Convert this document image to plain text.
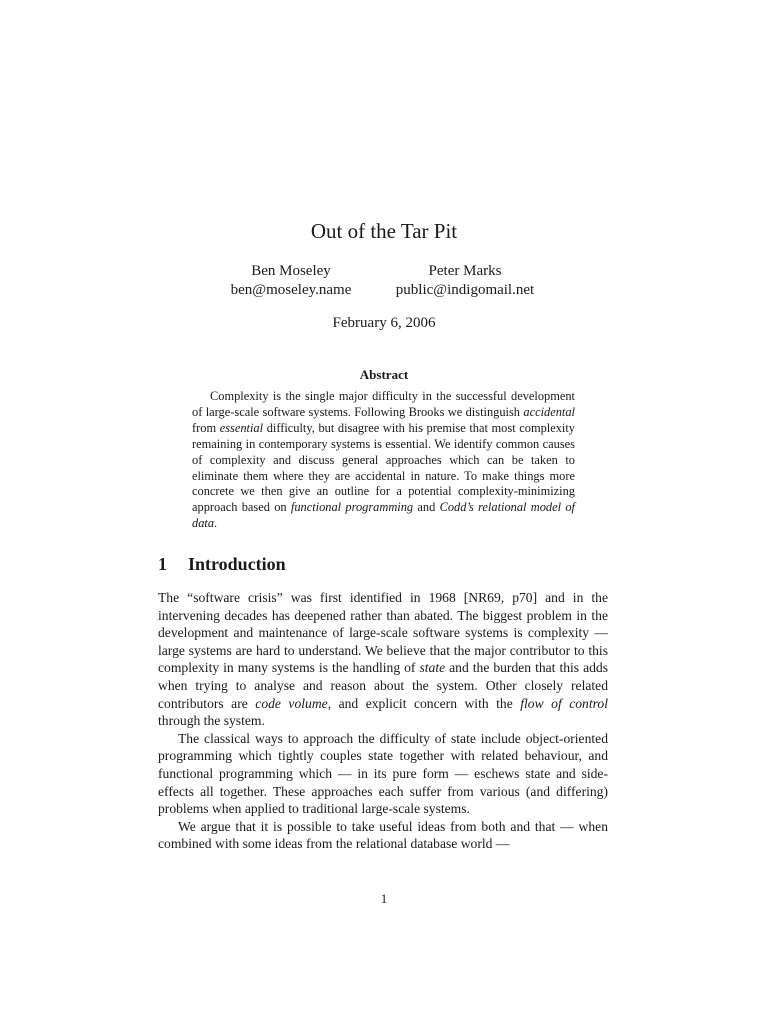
Out of the Tar Pit
Ben Moseley
ben@moseley.name
Peter Marks
public@indigomail.net
February 6, 2006
Abstract
Complexity is the single major difficulty in the successful development of large-scale software systems. Following Brooks we distinguish accidental from essential difficulty, but disagree with his premise that most complexity remaining in contemporary systems is essential. We identify common causes of complexity and discuss general approaches which can be taken to eliminate them where they are accidental in nature. To make things more concrete we then give an outline for a potential complexity-minimizing approach based on functional programming and Codd’s relational model of data.
1 Introduction

The “software crisis” was first identified in 1968 [NR69, p70] and in the intervening decades has deepened rather than abated. The biggest problem in the development and maintenance of large-scale software systems is complexity — large systems are hard to understand. We believe that the major contributor to this complexity in many systems is the handling of state and the burden that this adds when trying to analyse and reason about the system. Other closely related contributors are code volume, and explicit concern with the flow of control through the system.

The classical ways to approach the difficulty of state include object-oriented programming which tightly couples state together with related behaviour, and functional programming which — in its pure form — eschews state and side-effects all together. These approaches each suffer from various (and differing) problems when applied to traditional large-scale systems.

We argue that it is possible to take useful ideas from both and that — when combined with some ideas from the relational database world —

1
